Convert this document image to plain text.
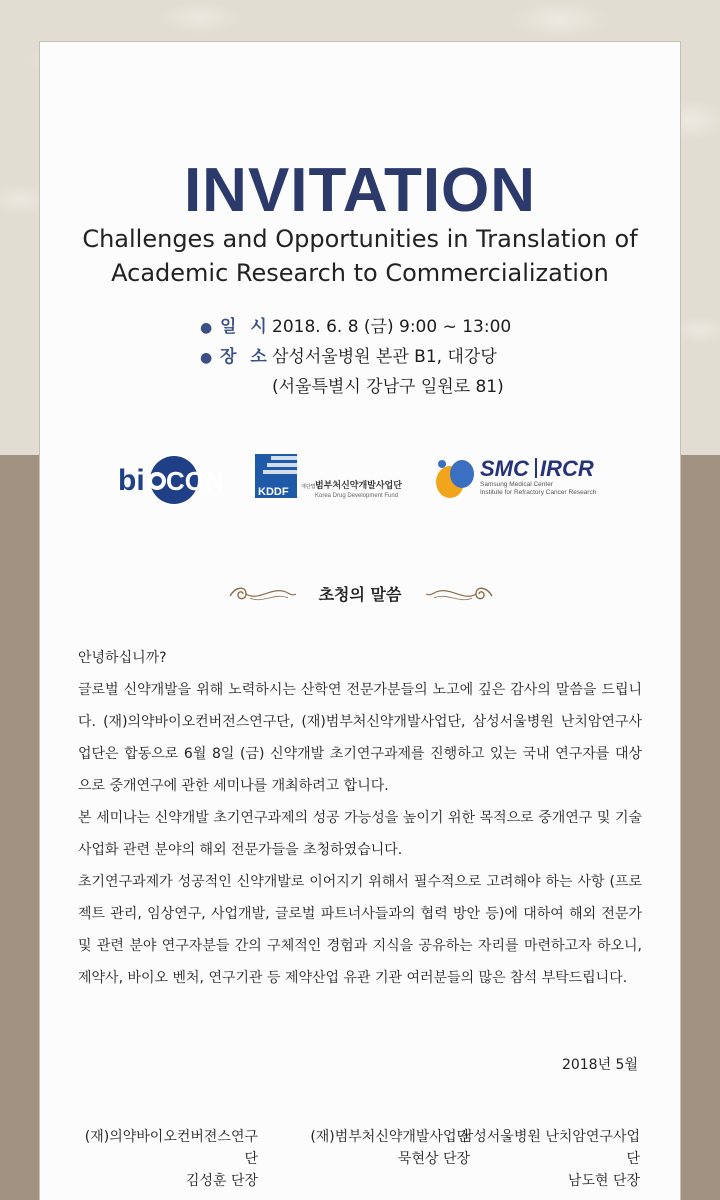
INVITATION
Challenges and Opportunities in Translation of
Academic Research to Commercialization
● 일 시2018. 6. 8 (금) 9:00 ~ 13:00
● 장 소삼성서울병원 본관 B1, 대강당
(서울특별시 강남구 일원로 81)
bi CON	KDDF 재단법인
범부처신약개발사업단
Korea Drug Development Fund
SMC IRCR
Samsung Medical Center
Institute for Refractory Cancer Research
초청의 말씀

안녕하십니까?

글로벌 신약개발을 위해 노력하시는 산학연 전문가분들의 노고에 깊은 감사의 말씀을 드립니다. (재)의약바이오컨버전스연구단, (재)범부처신약개발사업단, 삼성서울병원 난치암연구사업단은 합동으로 6월 8일 (금) 신약개발 초기연구과제를 진행하고 있는 국내 연구자를 대상으로 중개연구에 관한 세미나를 개최하려고 합니다.

본 세미나는 신약개발 초기연구과제의 성공 가능성을 높이기 위한 목적으로 중개연구 및 기술사업화 관련 분야의 해외 전문가들을 초청하였습니다.

초기연구과제가 성공적인 신약개발로 이어지기 위해서 필수적으로 고려해야 하는 사항 (프로젝트 관리, 임상연구, 사업개발, 글로벌 파트너사들과의 협력 방안 등)에 대하여 해외 전문가 및 관련 분야 연구자분들 간의 구체적인 경험과 지식을 공유하는 자리를 마련하고자 하오니, 제약사, 바이오 벤처, 연구기관 등 제약산업 유관 기관 여러분들의 많은 참석 부탁드립니다.

2018년 5월
(재)의약바이오컨버젼스연구단
김성훈 단장
(재)범부처신약개발사업단
묵현상 단장
삼성서울병원 난치암연구사업단
남도현 단장
